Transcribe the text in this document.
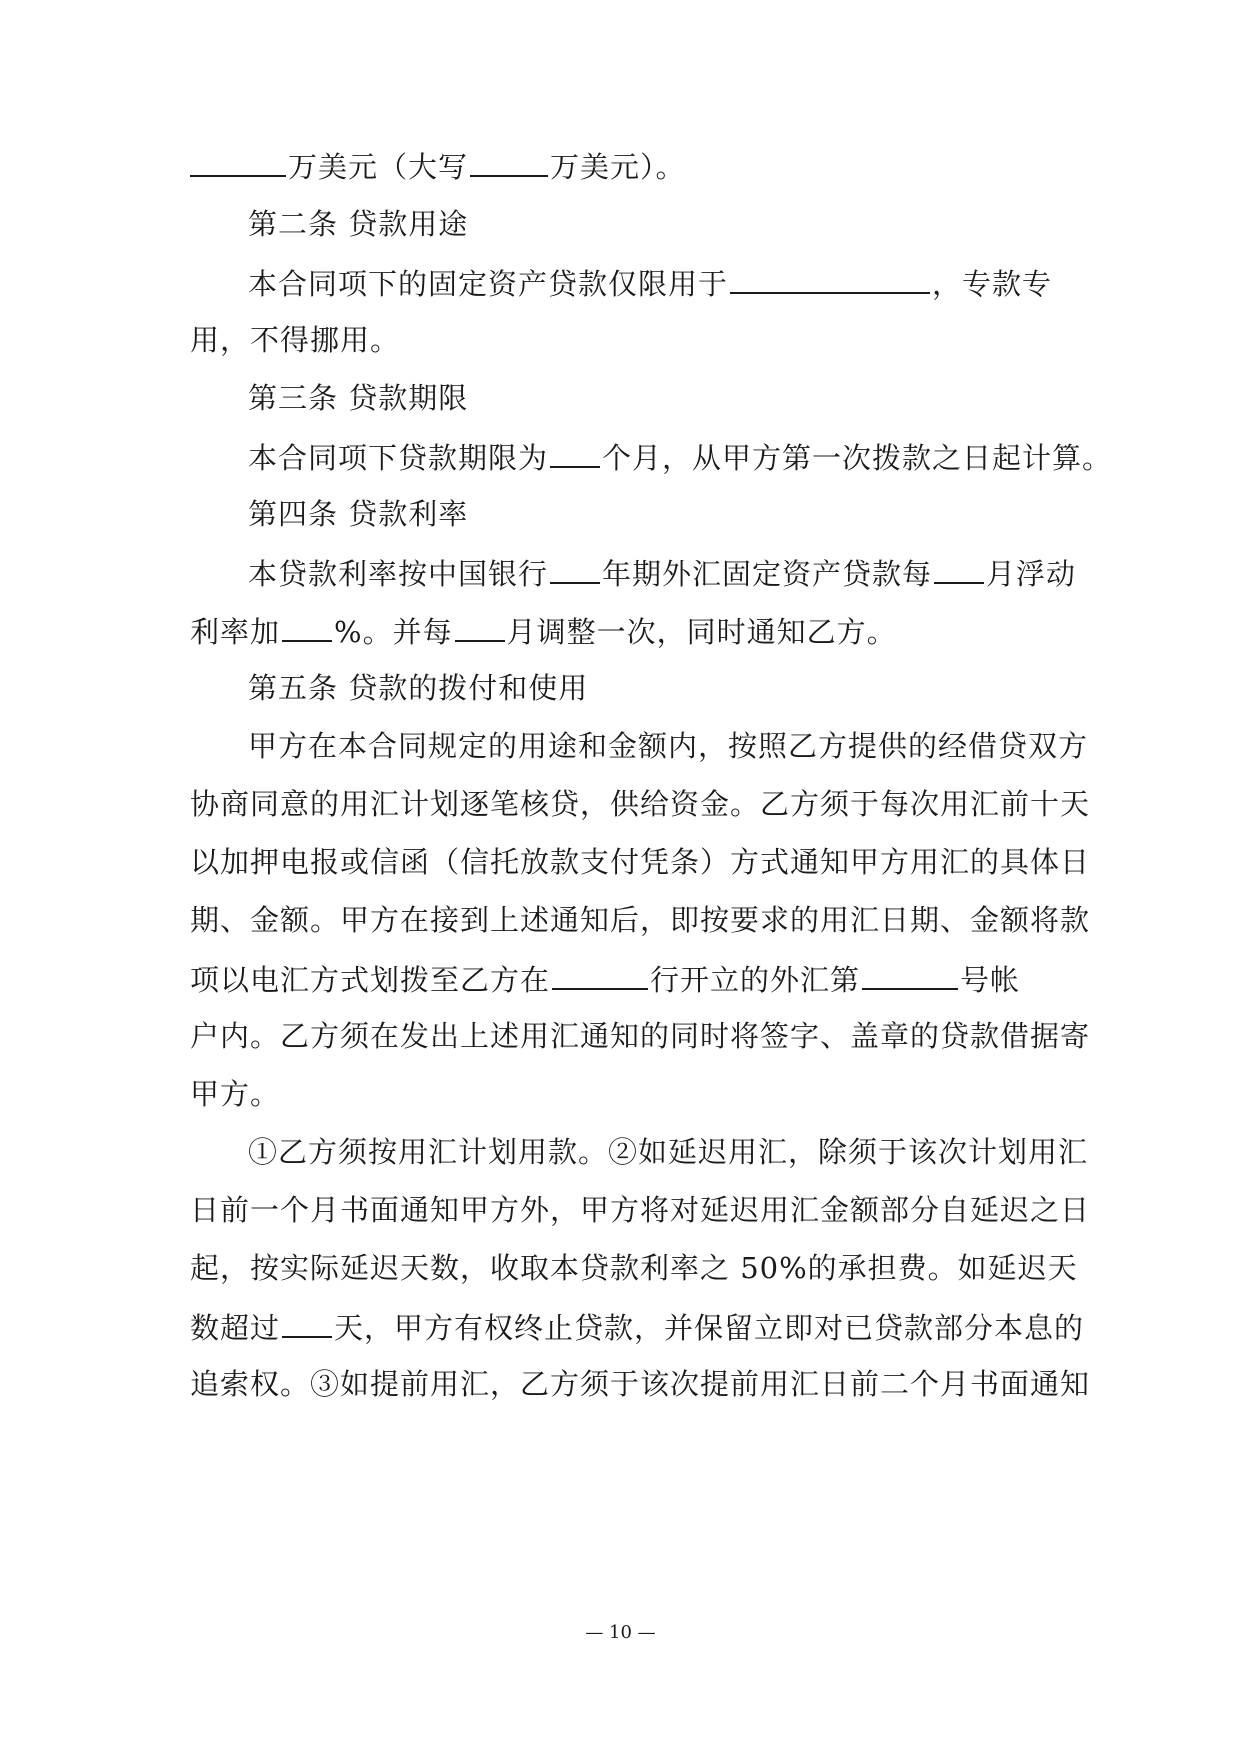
万美元（大写	万美元）。
第二条 贷款用途
本合同项下的固定资产贷款仅限用于	，专款专
用，不得挪用。
第三条 贷款期限
本合同项下贷款期限为 个月，从甲方第一次拨款之日起计算。
第四条 贷款利率
本贷款利率按中国银行 年期外汇固定资产贷款每 月浮动
利率加 %。并每 月调整一次，同时通知乙方。
第五条 贷款的拨付和使用
甲方在本合同规定的用途和金额内，按照乙方提供的经借贷双方
协商同意的用汇计划逐笔核贷，供给资金。乙方须于每次用汇前十天
以加押电报或信函（信托放款支付凭条）方式通知甲方用汇的具体日
期、金额。甲方在接到上述通知后，即按要求的用汇日期、金额将款
项以电汇方式划拨至乙方在	行开立的外汇第	号帐
户内。乙方须在发出上述用汇通知的同时将签字、盖章的贷款借据寄
甲方。
①乙方须按用汇计划用款。②如延迟用汇，除须于该次计划用汇
日前一个月书面通知甲方外，甲方将对延迟用汇金额部分自延迟之日
起，按实际延迟天数，收取本贷款利率之 50%的承担费。如延迟天
数超过 天，甲方有权终止贷款，并保留立即对已贷款部分本息的
追索权。③如提前用汇，乙方须于该次提前用汇日前二个月书面通知
— 10 —
